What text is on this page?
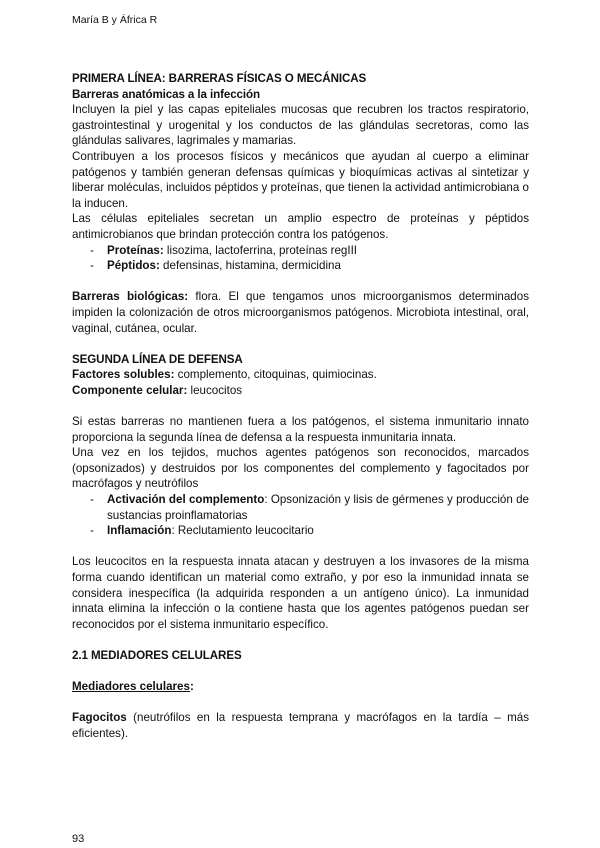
María B y África R

PRIMERA LÍNEA: BARRERAS FÍSICAS O MECÁNICAS

Barreras anatómicas a la infección

Incluyen la piel y las capas epiteliales mucosas que recubren los tractos respiratorio, gastrointestinal y urogenital y los conductos de las glándulas secretoras, como las glándulas salivares, lagrimales y mamarias.

Contribuyen a los procesos físicos y mecánicos que ayudan al cuerpo a eliminar patógenos y también generan defensas químicas y bioquímicas activas al sintetizar y liberar moléculas, incluidos péptidos y proteínas, que tienen la actividad antimicrobiana o la inducen.

Las células epiteliales secretan un amplio espectro de proteínas y péptidos antimicrobianos que brindan protección contra los patógenos.

- Proteínas: lisozima, lactoferrina, proteínas regIII
- Péptidos: defensinas, histamina, dermicidina

Barreras biológicas: flora. El que tengamos unos microorganismos determinados impiden la colonización de otros microorganismos patógenos. Microbiota intestinal, oral, vaginal, cutánea, ocular.

SEGUNDA LÍNEA DE DEFENSA

Factores solubles: complemento, citoquinas, quimiocinas.

Componente celular: leucocitos

Si estas barreras no mantienen fuera a los patógenos, el sistema inmunitario innato proporciona la segunda línea de defensa a la respuesta inmunitaria innata.

Una vez en los tejidos, muchos agentes patógenos son reconocidos, marcados (opsonizados) y destruidos por los componentes del complemento y fagocitados por macrófagos y neutrófilos

- Activación del complemento: Opsonización y lisis de gérmenes y producción de sustancias proinflamatorias
- Inflamación: Reclutamiento leucocitario

Los leucocitos en la respuesta innata atacan y destruyen a los invasores de la misma forma cuando identifican un material como extraño, y por eso la inmunidad innata se considera inespecífica (la adquirida responden a un antígeno único). La inmunidad innata elimina la infección o la contiene hasta que los agentes patógenos puedan ser reconocidos por el sistema inmunitario específico.

2.1 MEDIADORES CELULARES

Mediadores celulares:

Fagocitos (neutrófilos en la respuesta temprana y macrófagos en la tardía – más eficientes).

93
